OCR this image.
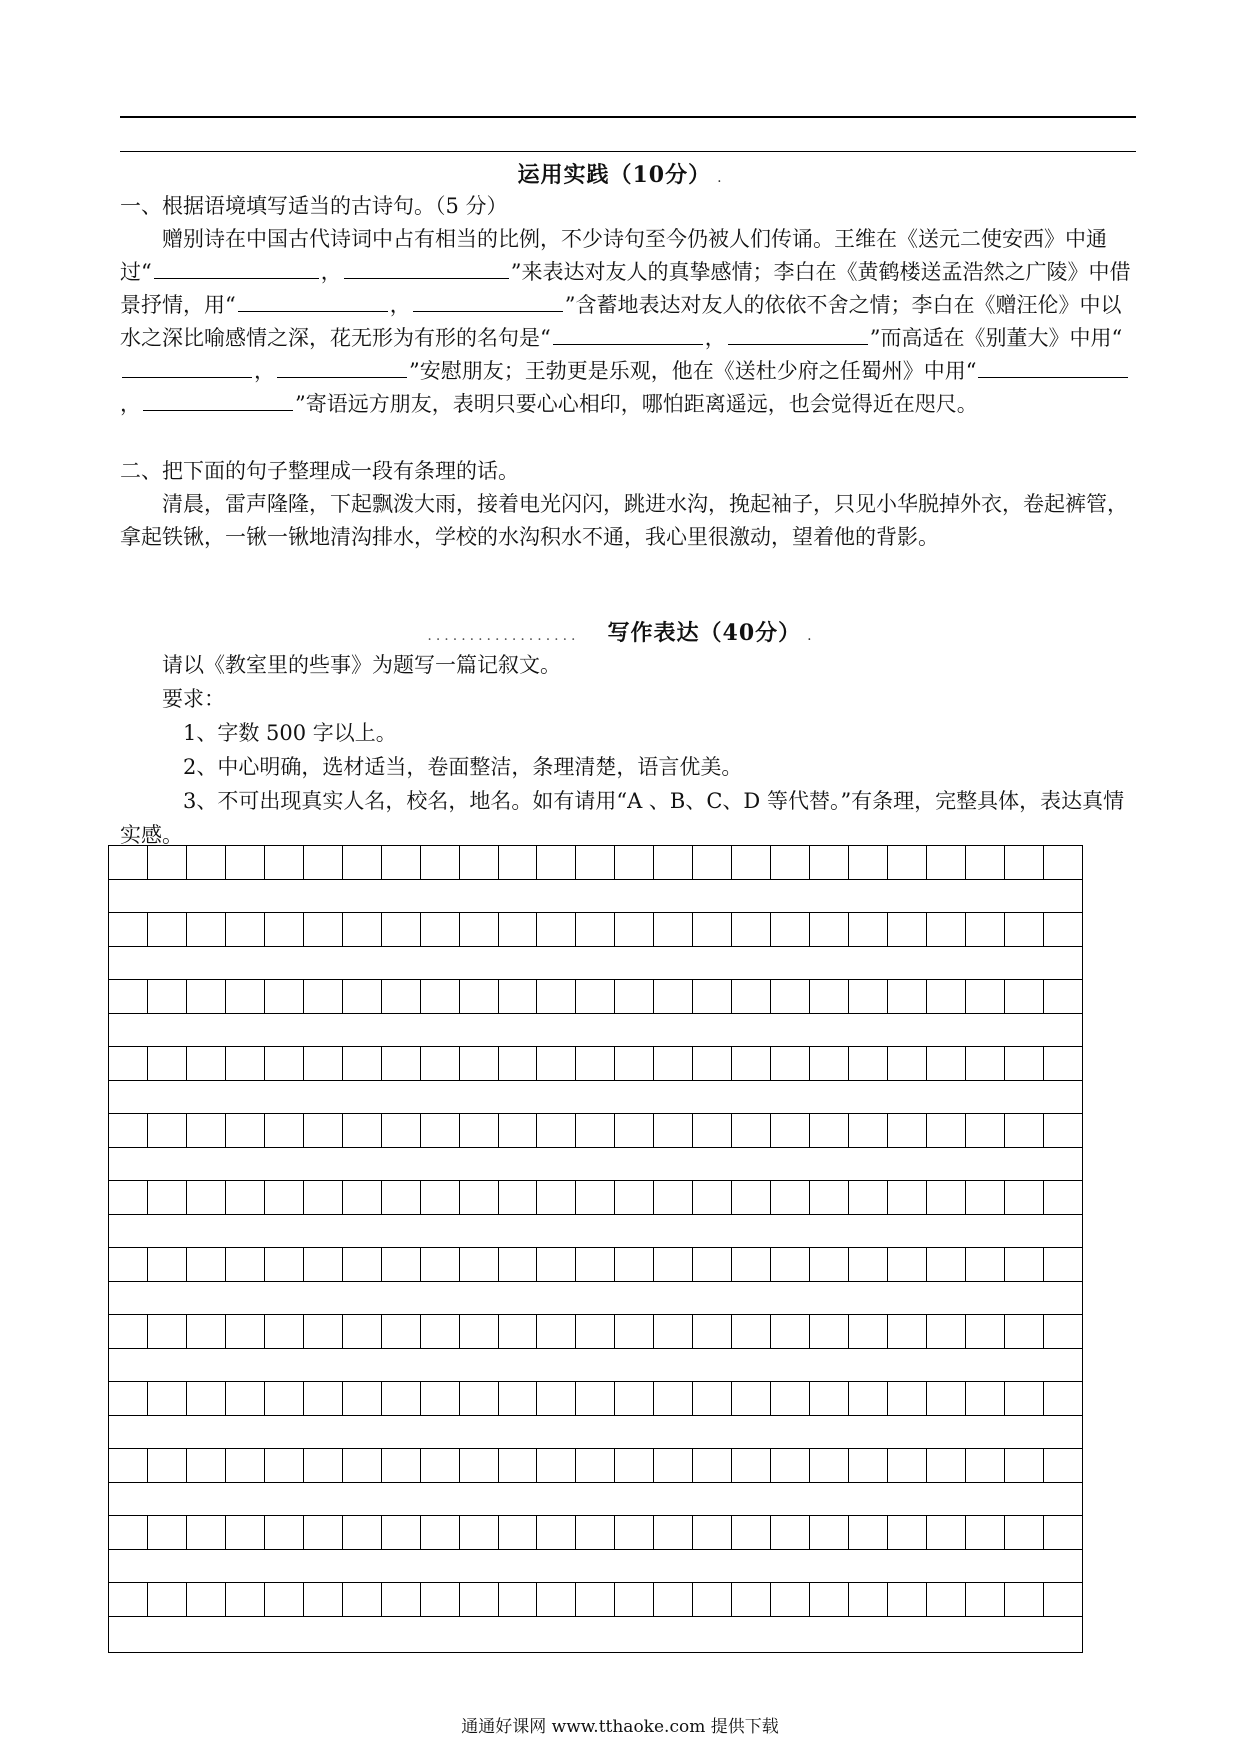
运用实践（10分） .
一、根据语境填写适当的古诗句。（5 分）
赠别诗在中国古代诗词中占有相当的比例，不少诗句至今仍被人们传诵。王维在《送元二使安西》中通过“	，	”来表达对友人的真挚感情；李白在《黄鹤楼送孟浩然之广陵》中借景抒情，用“	，	”含蓄地表达对友人的依依不舍之情；李白在《赠汪伦》中以水之深比喻感情之深，花无形为有形的名句是“	，	”而高适在《别董大》中用“，	”安慰朋友；王勃更是乐观，他在《送杜少府之任蜀州》中用“，	”寄语远方朋友，表明只要心心相印，哪怕距离遥远，也会觉得近在咫尺。
二、把下面的句子整理成一段有条理的话。
清晨，雷声隆隆，下起飘泼大雨，接着电光闪闪，跳进水沟，挽起袖子，只见小华脱掉外衣，卷起裤管，拿起铁锹，一锹一锹地清沟排水，学校的水沟积水不通，我心里很激动，望着他的背影。
.................. 写作表达（40分） .
请以《教室里的些事》为题写一篇记叙文。
要求：
1、字数 500 字以上。
2、中心明确，选材适当，卷面整洁，条理清楚，语言优美。
3、不可出现真实人名，校名，地名。如有请用“A 、B、C、D 等代替。”有条理，完整具体，表达真情实感。
通通好课网 www.tthaoke.com 提供下载
